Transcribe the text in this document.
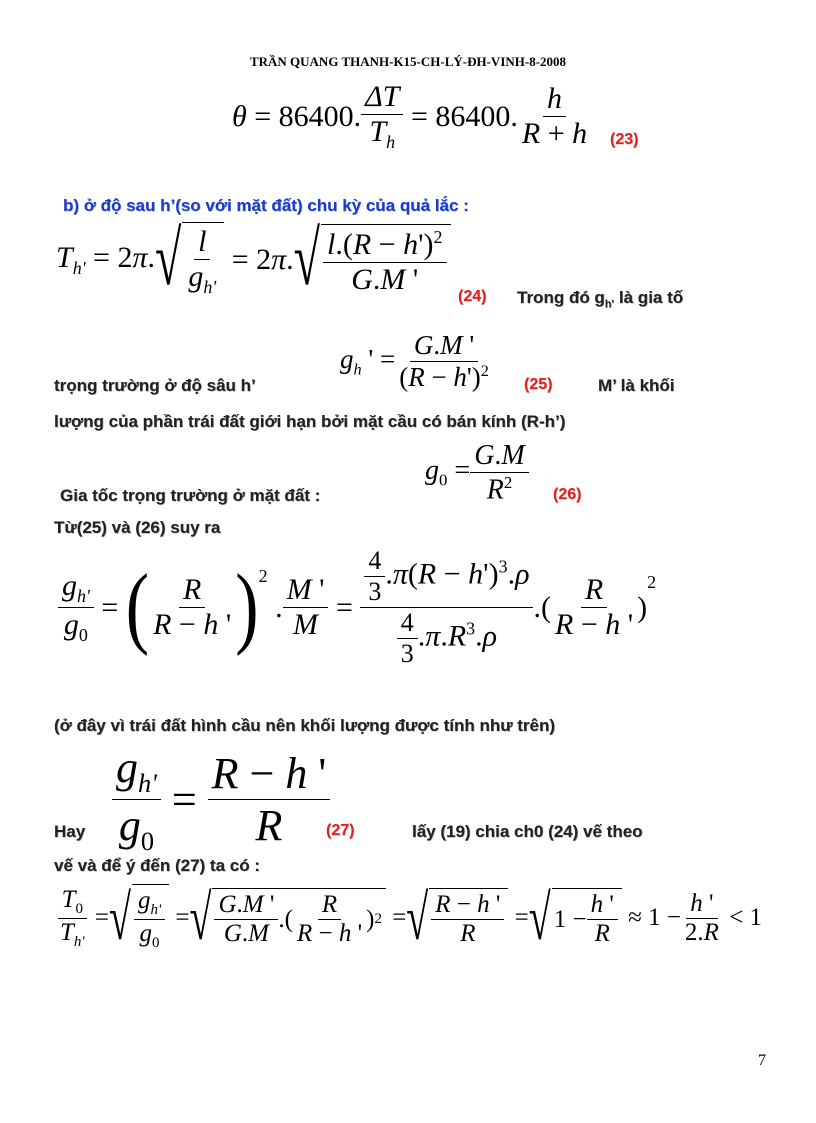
TRẦN QUANG THANH-K15-CH-LÝ-ĐH-VINH-8-2008
θ = 86400. $\frac{\Delta T}{T_h} = 86400$. $\frac{h}{R + h} (23)$
b) ở độ sau h’(so với mặt đất) chu kỳ của quả lắc :
$T_{h'} = 2\pi$. √ $\frac{l}{g_{h'}} = 2$ π . √ $\frac{l.(R - h')^2}{G.M '} (24)$ Trong đó $g_{h'}$ là gia tố
$g_h$ ' = $\frac{G.M '}{(R - h')^2}$
trọng trường ở độ sâu h’	(25)	M’ là khối
lượng của phần trái đất giới hạn bởi mặt cầu có bán kính (R-h’)
$g_0 = \frac{G.M}{R^2}$
Gia tốc trọng trường ở mặt đất :	(26)
Từ(25) và (26) suy ra
$\frac{g_{h'}}{g_0}$ = ( $\frac{R}{R - h '} )^2$
. $\frac{M '}{M} = \frac{\frac{4}{3} .\pi(R - h')^3.\rho}{\frac{4}{3} .\pi.R^3.\rho}$ .( $\frac{R}{R - h '}$ )
$^2$
(ở đây vì trái đất hình cầu nên khối lượng được tính như trên)
$\frac{g_{h'}}{g_0} = \frac{R - h '}{R}$
Hay	(27)	lấy (19) chia ch0 (24) vế theo
vế và để ý đến (27) ta có :
$\frac{T_0}{T_{h'}}$ = √ $\frac{g_{h'}}{g_0}$ = √ $\frac{G.M '}{G.M}$ .( $\frac{R}{R - h '}$ ) 2 = √ $\frac{R - h '}{R}$ = √ $1 - \frac{h '}{R} \approx 1 - \frac{h '}{2.R} < 1$
7
